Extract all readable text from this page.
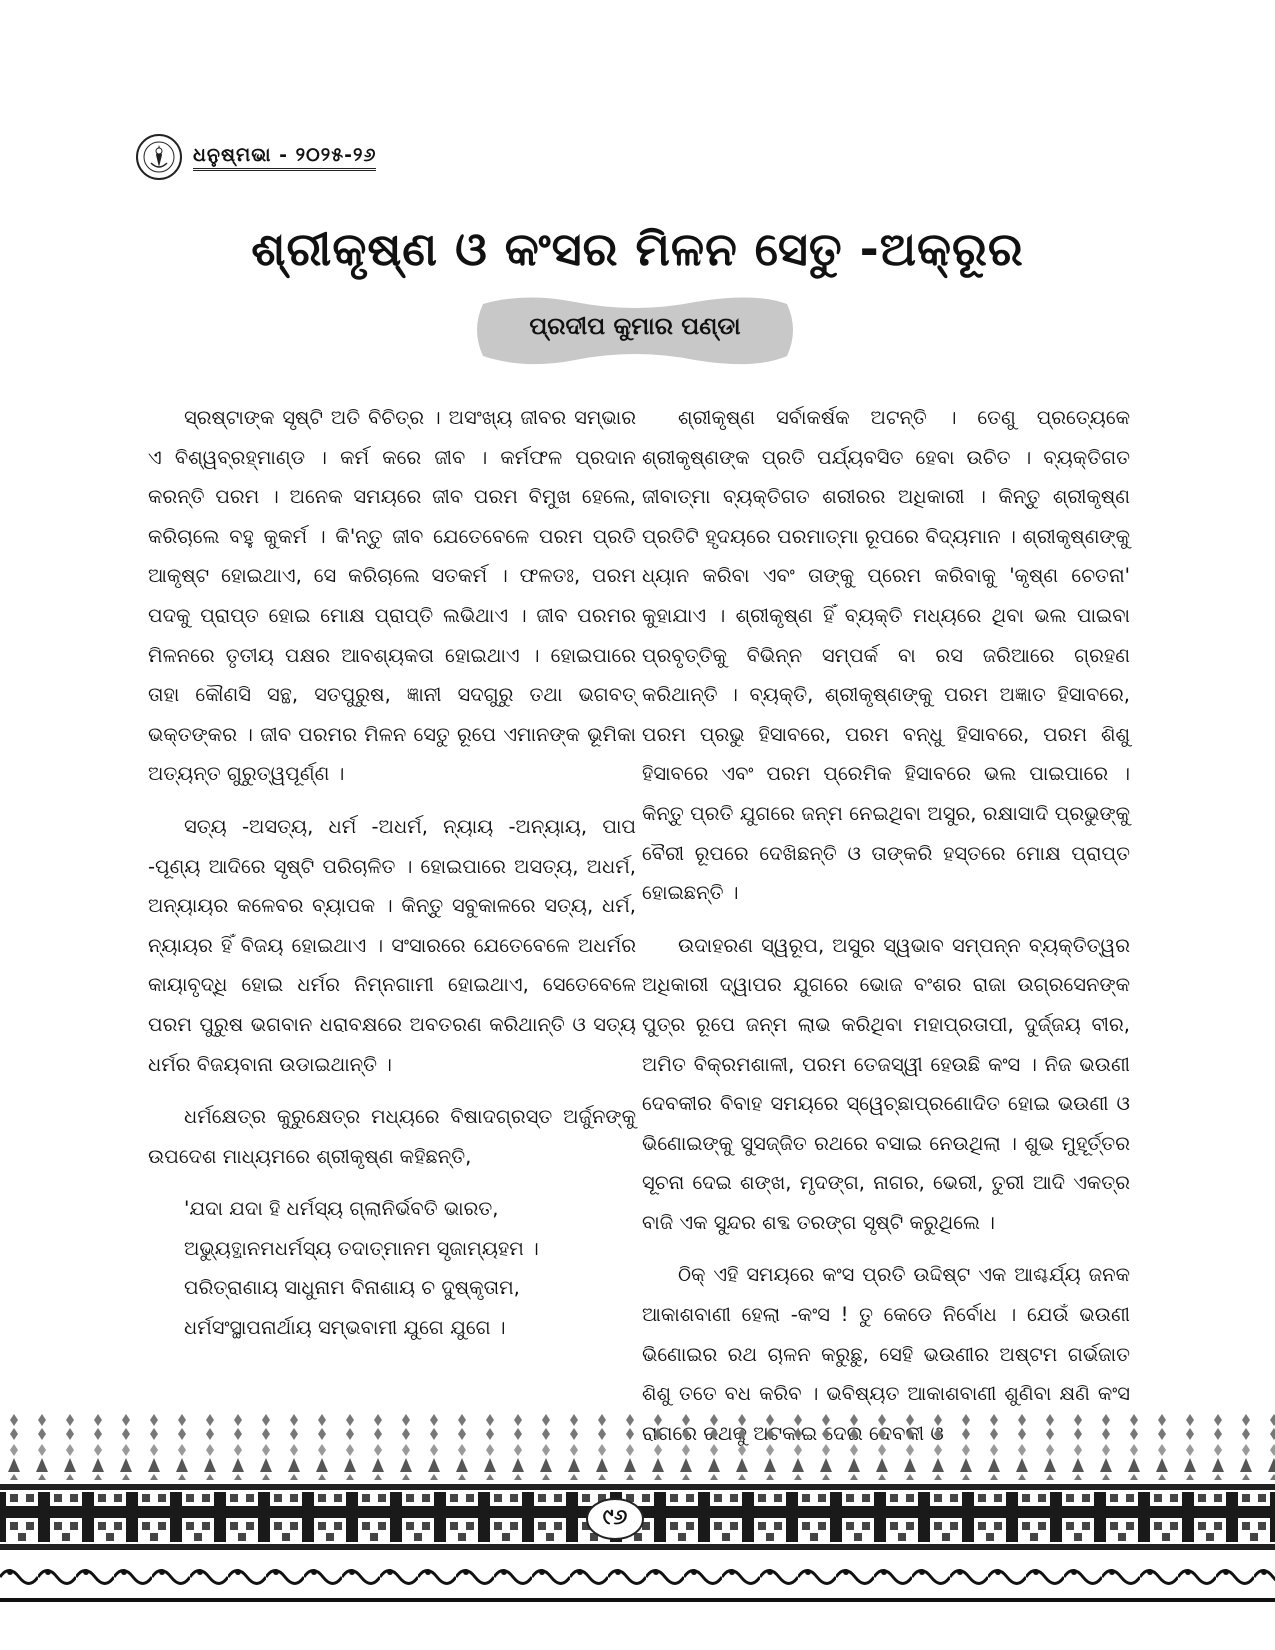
ଧନୁଷ୍ମଭା - ୨୦୨୫-୨୬
ଶ୍ରୀକୃଷ୍ଣ ଓ କଂସର ମିଳନ ସେତୁ -ଅକ୍ରୂର
ପ୍ରଦୀପ କୁମାର ପଣ୍ଡା

ସ୍ରଷ୍ଟାଙ୍କ ସୃଷ୍ଟି ଅତି ବିଚିତ୍ର । ଅସଂଖ୍ୟ ଜୀବର ସମ୍ଭାର ଏ ବିଶ୍ୱବ୍ରହ୍ମାଣ୍ଡ । କର୍ମ କରେ ଜୀବ । କର୍ମଫଳ ପ୍ରଦାନ କରନ୍ତି ପରମ । ଅନେକ ସମୟରେ ଜୀବ ପରମ ବିମୁଖ ହେଲେ, କରିଚାଲେ ବହୁ କୁକର୍ମ । କି'ନ୍ତୁ ଜୀବ ଯେତେବେଳେ ପରମ ପ୍ରତି ଆକୃଷ୍ଟ ହୋଇଥାଏ, ସେ କରିଚାଲେ ସତକର୍ମ । ଫଳତଃ, ପରମ ପଦକୁ ପ୍ରାପ୍ତ ହୋଇ ମୋକ୍ଷ ପ୍ରାପ୍ତି ଲଭିଥାଏ । ଜୀବ ପରମର ମିଳନରେ ତୃତୀୟ ପକ୍ଷର ଆବଶ୍ୟକତା ହୋଇଥାଏ । ହୋଇପାରେ ତାହା କୌଣସି ସନ୍ଥ, ସତପୁରୁଷ, ଜ୍ଞାନୀ ସଦଗୁରୁ ତଥା ଭଗବତ୍ ଭକ୍ତଙ୍କର । ଜୀବ ପରମର ମିଳନ ସେତୁ ରୂପେ ଏମାନଙ୍କ ଭୂମିକା ଅତ୍ୟନ୍ତ ଗୁରୁତ୍ୱପୂର୍ଣ୍ଣ ।

ସତ୍ୟ -ଅସତ୍ୟ, ଧର୍ମ -ଅଧର୍ମ, ନ୍ୟାୟ -ଅନ୍ୟାୟ, ପାପ -ପୂଣ୍ୟ ଆଦିରେ ସୃଷ୍ଟି ପରିଚାଳିତ । ହୋଇପାରେ ଅସତ୍ୟ, ଅଧର୍ମ, ଅନ୍ୟାୟର କଳେବର ବ୍ୟାପକ । କିନ୍ତୁ ସବୁକାଳରେ ସତ୍ୟ, ଧର୍ମ, ନ୍ୟାୟର ହିଁ ବିଜୟ ହୋଇଥାଏ । ସଂସାରରେ ଯେତେବେଳେ ଅଧର୍ମର କାୟାବୃଦ୍ଧି ହୋଇ ଧର୍ମର ନିମ୍ନଗାମୀ ହୋଇଥାଏ, ସେତେବେଳେ ପରମ ପୁରୁଷ ଭଗବାନ ଧରାବକ୍ଷରେ ଅବତରଣ କରିଥାନ୍ତି ଓ ସତ୍ୟ ଧର୍ମର ବିଜୟବାନା ଉଡାଇଥାନ୍ତି ।

ଧର୍ମକ୍ଷେତ୍ର କୁରୁକ୍ଷେତ୍ର ମଧ୍ୟରେ ବିଷାଦଗ୍ରସ୍ତ ଅର୍ଜୁନଙ୍କୁ ଉପଦେଶ ମାଧ୍ୟମରେ ଶ୍ରୀକୃଷ୍ଣ କହିଛନ୍ତି,

'ଯଦା ଯଦା ହି ଧର୍ମସ୍ୟ ଗ୍ଲାନିର୍ଭବତି ଭାରତ,
ଅଭ୍ୟୁତ୍ଥାନମଧର୍ମସ୍ୟ ତଦାତ୍ମାନମ ସୃଜାମ୍ୟହମ ।
ପରିତ୍ରାଣାୟ ସାଧୁନାମ ବିନାଶାୟ ଚ ଦୁଷ୍କୃତାମ,
ଧର୍ମସଂସ୍ଥାପନାର୍ଥାୟ ସମ୍ଭବାମୀ ଯୁଗେ ଯୁଗେ ।

ଶ୍ରୀକୃଷ୍ଣ ସର୍ବାକର୍ଷକ ଅଟନ୍ତି । ତେଣୁ ପ୍ରତ୍ୟେକେ ଶ୍ରୀକୃଷ୍ଣଙ୍କ ପ୍ରତି ପର୍ଯ୍ୟବସିତ ହେବା ଉଚିତ । ବ୍ୟକ୍ତିଗତ ଜୀବାତ୍ମା ବ୍ୟକ୍ତିଗତ ଶରୀରର ଅଧିକାରୀ । କିନ୍ତୁ ଶ୍ରୀକୃଷ୍ଣ ପ୍ରତିଟି ହୃଦୟରେ ପରମାତ୍ମା ରୂପରେ ବିଦ୍ୟମାନ । ଶ୍ରୀକୃଷ୍ଣଙ୍କୁ ଧ୍ୟାନ କରିବା ଏବଂ ତାଙ୍କୁ ପ୍ରେମ କରିବାକୁ 'କୃଷ୍ଣ ଚେତନା' କୁହାଯାଏ । ଶ୍ରୀକୃଷ୍ଣ ହିଁ ବ୍ୟକ୍ତି ମଧ୍ୟରେ ଥିବା ଭଲ ପାଇବା ପ୍ରବୃତ୍ତିକୁ ବିଭିନ୍ନ ସମ୍ପର୍କ ବା ରସ ଜରିଆରେ ଗ୍ରହଣ କରିଥାନ୍ତି । ବ୍ୟକ୍ତି, ଶ୍ରୀକୃଷ୍ଣଙ୍କୁ ପରମ ଅଜ୍ଞାତ ହିସାବରେ, ପରମ ପ୍ରଭୁ ହିସାବରେ, ପରମ ବନ୍ଧୁ ହିସାବରେ, ପରମ ଶିଶୁ ହିସାବରେ ଏବଂ ପରମ ପ୍ରେମିକ ହିସାବରେ ଭଲ ପାଇପାରେ । କିନ୍ତୁ ପ୍ରତି ଯୁଗରେ ଜନ୍ମ ନେଇଥିବା ଅସୁର, ରକ୍ଷାସାଦି ପ୍ରଭୁଙ୍କୁ ବୈରୀ ରୂପରେ ଦେଖିଛନ୍ତି ଓ ତାଙ୍କରି ହସ୍ତରେ ମୋକ୍ଷ ପ୍ରାପ୍ତ ହୋଇଛନ୍ତି ।

ଉଦାହରଣ ସ୍ୱରୂପ, ଅସୁର ସ୍ୱଭାବ ସମ୍ପନ୍ନ ବ୍ୟକ୍ତିତ୍ୱର ଅଧିକାରୀ ଦ୍ୱାପର ଯୁଗରେ ଭୋଜ ବଂଶର ରାଜା ଉଗ୍ରସେନଙ୍କ ପୁତ୍ର ରୂପେ ଜନ୍ମ ଲାଭ କରିଥିବା ମହାପ୍ରତାପୀ, ଦୁର୍ଜ୍ଜୟ ବୀର, ଅମିତ ବିକ୍ରମଶାଳୀ, ପରମ ତେଜସ୍ୱୀ ହେଉଛି କଂସ । ନିଜ ଭଉଣୀ ଦେବକୀର ବିବାହ ସମୟରେ ସ୍ୱେଚ୍ଛାପ୍ରଣୋଦିତ ହୋଇ ଭଉଣୀ ଓ ଭିଣୋଇଙ୍କୁ ସୁସଜ୍ଜିତ ରଥରେ ବସାଇ ନେଉଥିଲା । ଶୁଭ ମୁହୂର୍ତ୍ତର ସୂଚନା ଦେଇ ଶଙ୍ଖ, ମୃଦଙ୍ଗ, ନାଗର, ଭେରୀ, ତୁରୀ ଆଦି ଏକତ୍ର ବାଜି ଏକ ସୁନ୍ଦର ଶବ୍ଦ ତରଙ୍ଗ ସୃଷ୍ଟି କରୁଥିଲେ ।

ଠିକ୍ ଏହି ସମୟରେ କଂସ ପ୍ରତି ଉଦ୍ଦିଷ୍ଟ ଏକ ଆଶ୍ଚର୍ଯ୍ୟ ଜନକ ଆକାଶବାଣୀ ହେଲା -କଂସ ! ତୁ କେଡେ ନିର୍ବୋଧ । ଯେଉଁ ଭଉଣୀ ଭିଣୋଇର ରଥ ଚାଳନ କରୁଛୁ, ସେହି ଭଉଣୀର ଅଷ୍ଟମ ଗର୍ଭଜାତ ଶିଶୁ ତତେ ବଧ କରିବ । ଭବିଷ୍ୟତ ଆକାଶବାଣୀ ଶୁଣିବା କ୍ଷଣି କଂସ

୯୬
